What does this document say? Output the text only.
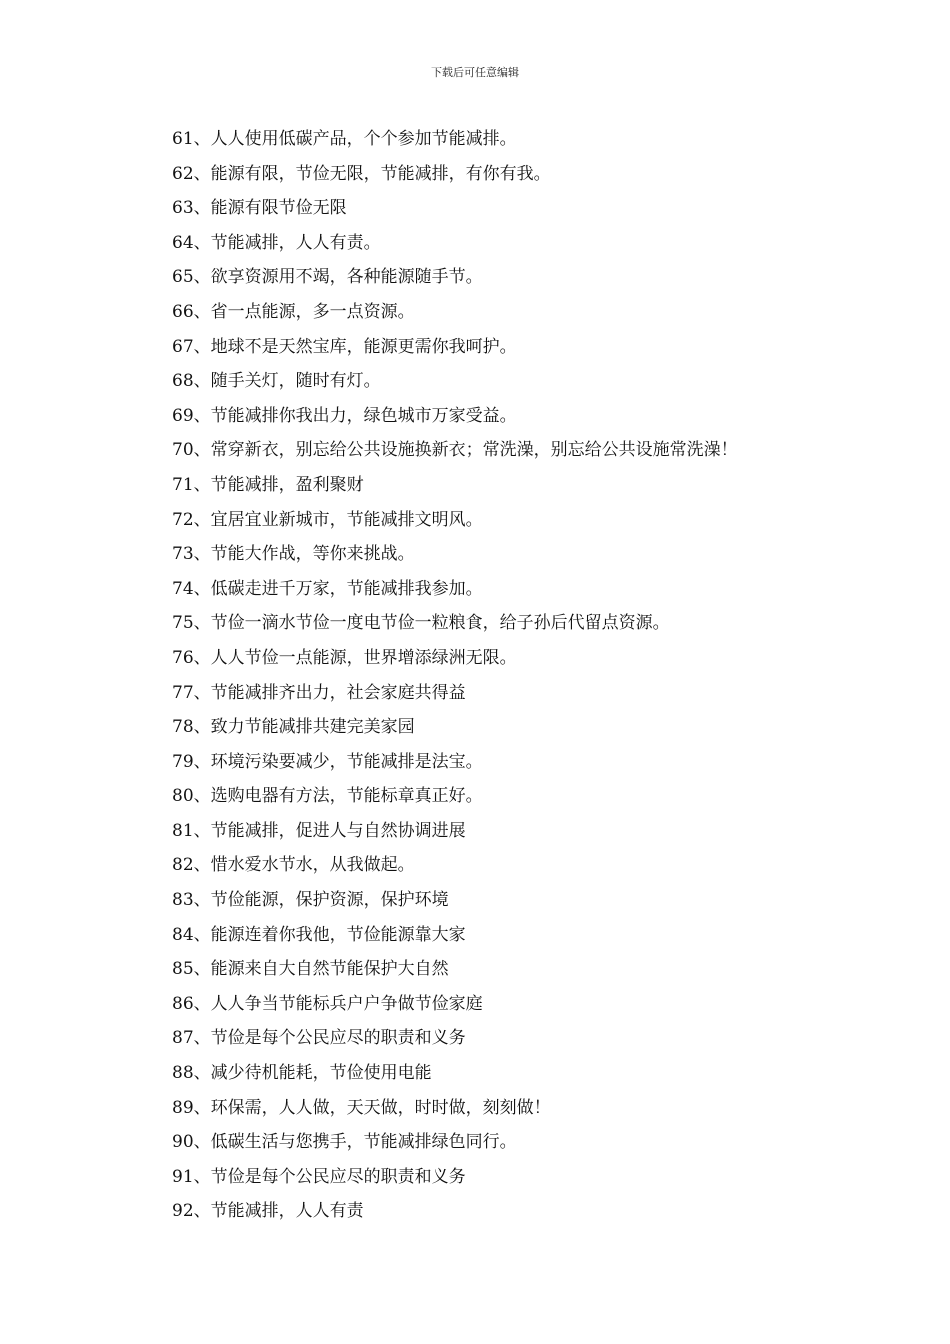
下载后可任意编辑
61 、 人人使用低碳产品，个个参加节能减排。
62 、 能源有限，节俭无限，节能减排，有你有我。
63 、 能源有限节俭无限
64 、 节能减排，人人有责。
65 、 欲享资源用不竭，各种能源随手节。
66 、 省一点能源，多一点资源。
67 、 地球不是天然宝库，能源更需你我呵护。
68 、 随手关灯，随时有灯。
69 、 节能减排你我出力，绿色城市万家受益。
70 、 常穿新衣，别忘给公共设施换新衣；常洗澡，别忘给公共设施常洗澡！
71 、 节能减排，盈利聚财
72 、 宜居宜业新城市，节能减排文明风。
73 、 节能大作战，等你来挑战。
74 、 低碳走进千万家，节能减排我参加。
75 、 节俭一滴水节俭一度电节俭一粒粮食，给子孙后代留点资源。
76 、 人人节俭一点能源，世界增添绿洲无限。
77 、 节能减排齐出力，社会家庭共得益
78 、 致力节能减排共建完美家园
79 、 环境污染要减少，节能减排是法宝。
80 、 选购电器有方法，节能标章真正好。
81 、 节能减排，促进人与自然协调进展
82 、 惜水爱水节水，从我做起。
83 、 节俭能源，保护资源，保护环境
84 、 能源连着你我他，节俭能源靠大家
85 、 能源来自大自然节能保护大自然
86 、 人人争当节能标兵户户争做节俭家庭
87 、 节俭是每个公民应尽的职责和义务
88 、 减少待机能耗，节俭使用电能
89 、 环保需，人人做，天天做，时时做，刻刻做！
90 、 低碳生活与您携手，节能减排绿色同行。
91 、 节俭是每个公民应尽的职责和义务
92 、 节能减排，人人有责
